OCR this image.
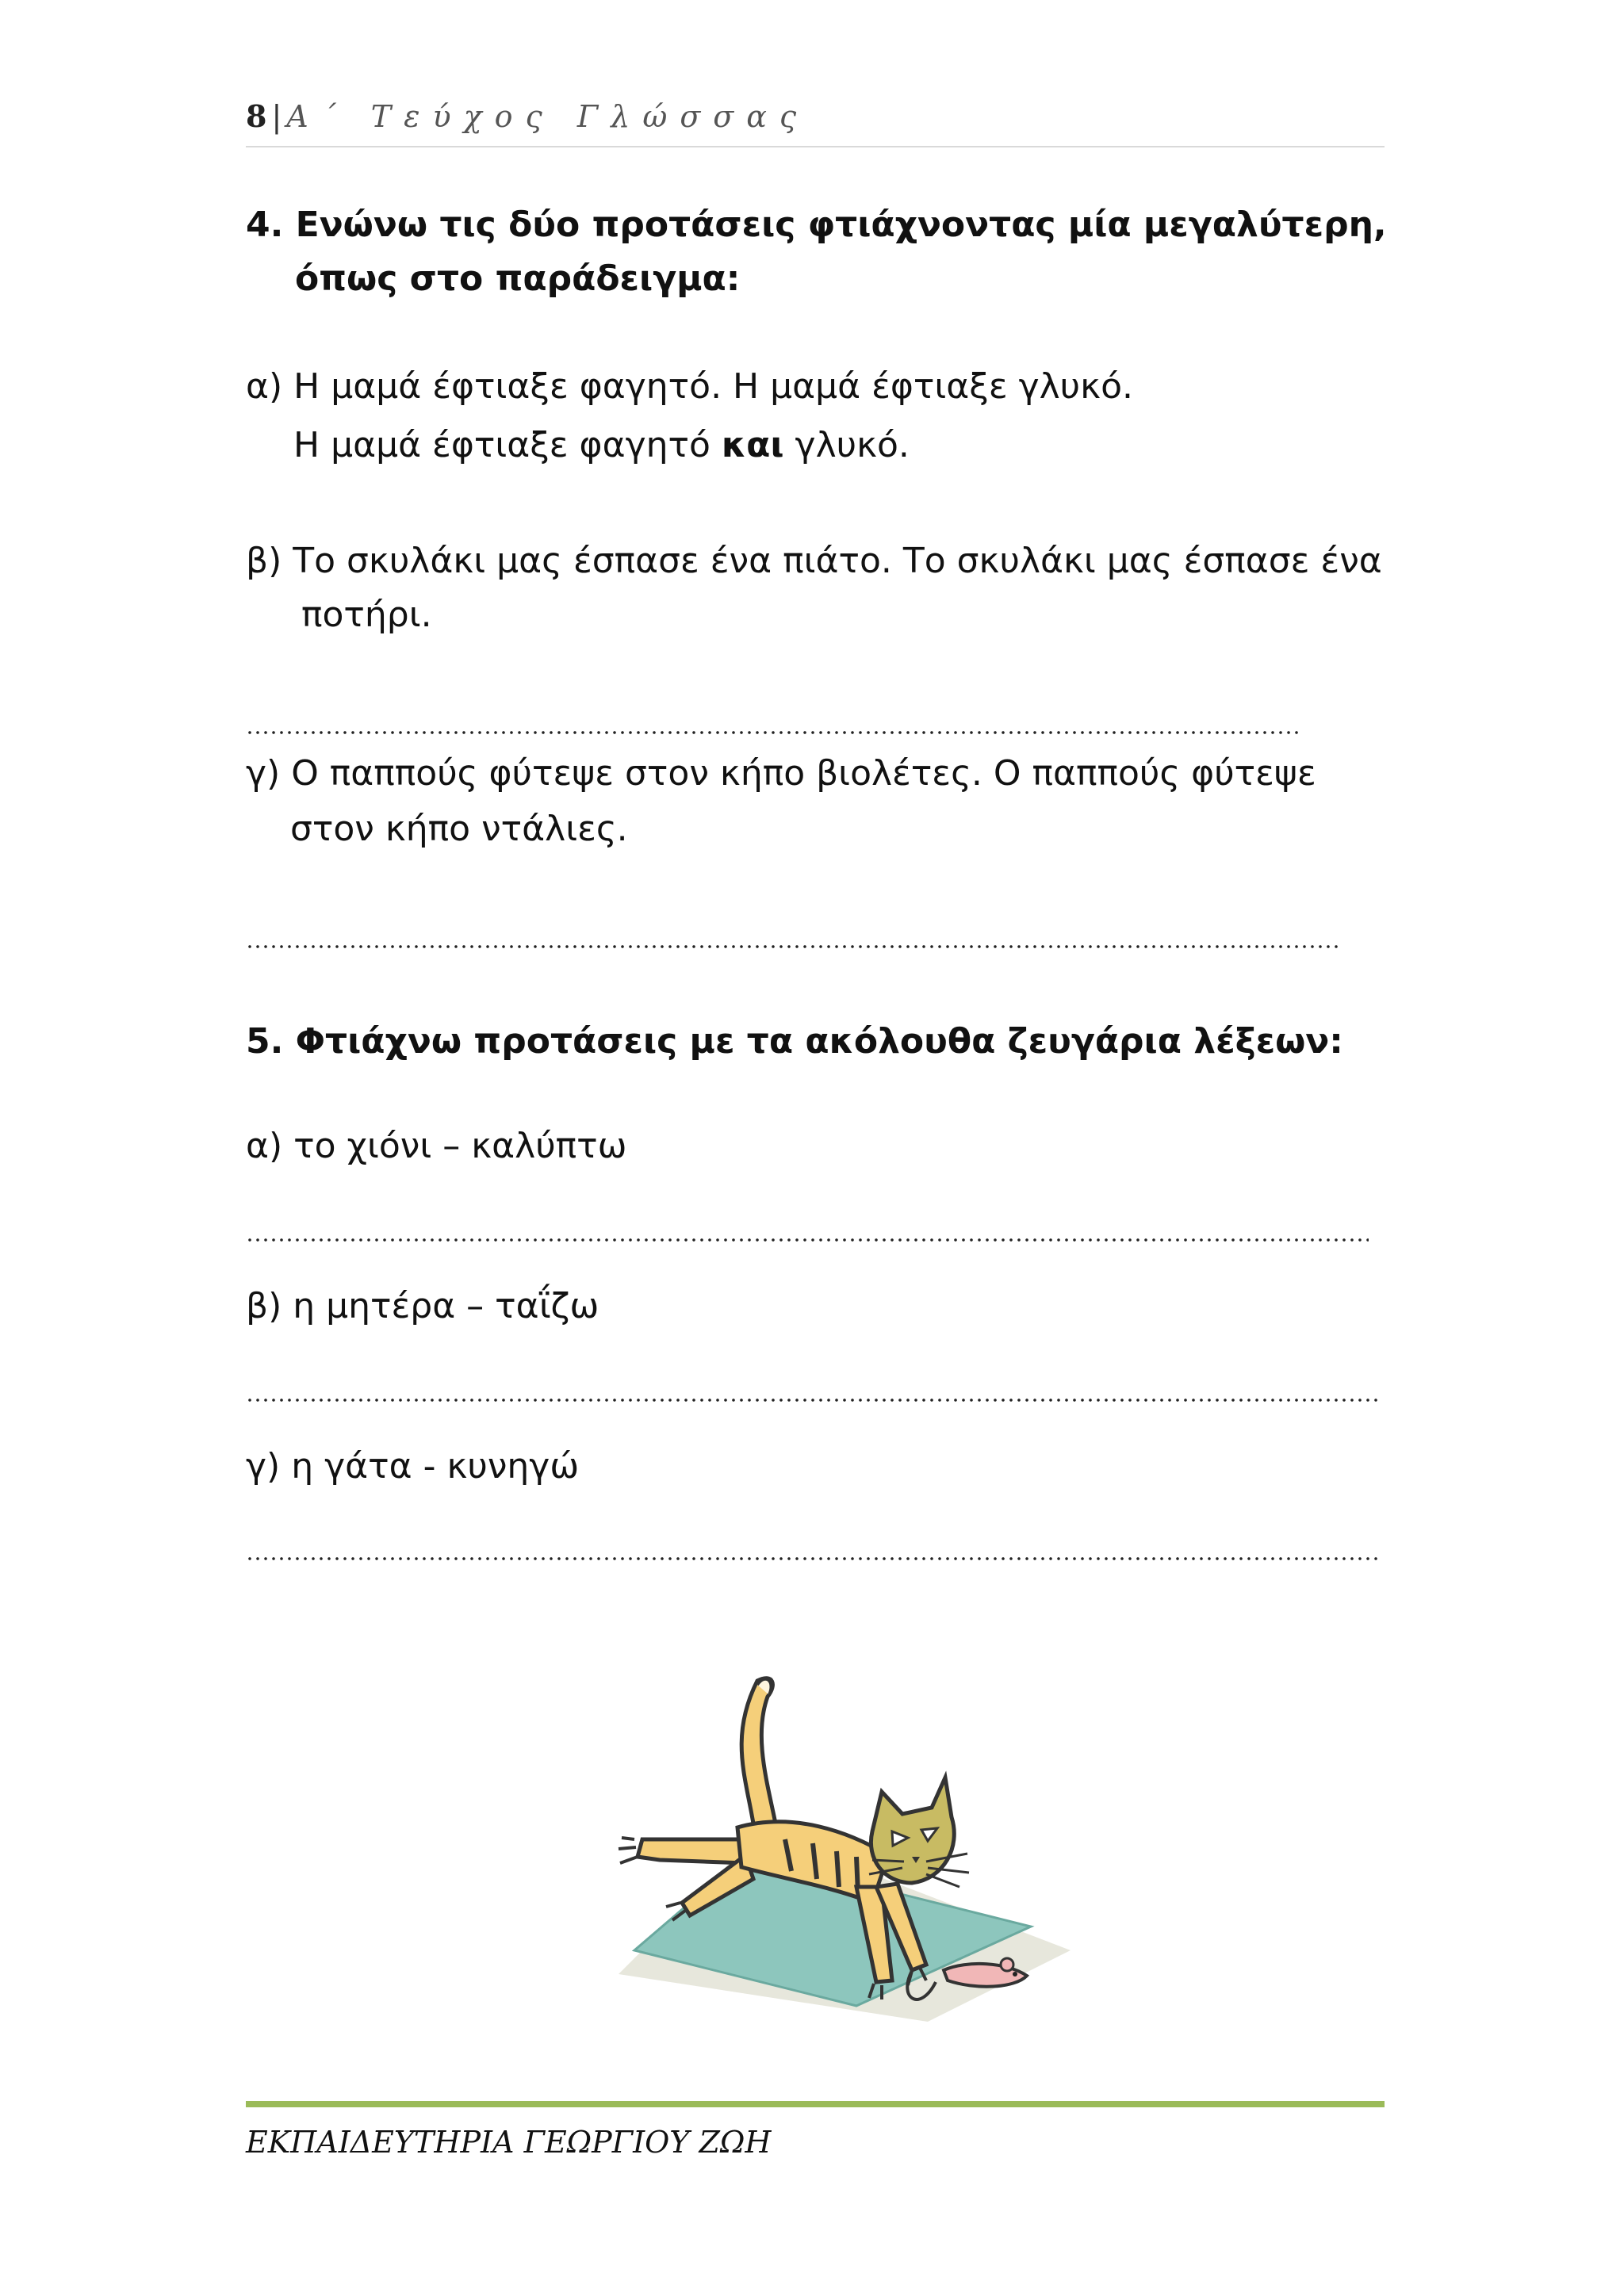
8 | Α΄ Τεύχος Γλώσσας
4. Ενώνω τις δύο προτάσεις φτιάχνοντας μία μεγαλύτερη,
όπως στο παράδειγμα:
α) Η μαμά έφτιαξε φαγητό. Η μαμά έφτιαξε γλυκό.
Η μαμά έφτιαξε φαγητό και γλυκό.
β) Το σκυλάκι μας έσπασε ένα πιάτο. Το σκυλάκι μας έσπασε ένα
ποτήρι.
γ) Ο παππούς φύτεψε στον κήπο βιολέτες. Ο παππούς φύτεψε
στον κήπο ντάλιες.
5. Φτιάχνω προτάσεις με τα ακόλουθα ζευγάρια λέξεων:
α) το χιόνι – καλύπτω
β) η μητέρα – ταΐζω
γ) η γάτα - κυνηγώ
ΕΚΠΑΙΔΕΥΤΗΡΙΑ ΓΕΩΡΓΙΟΥ ΖΩΗ
